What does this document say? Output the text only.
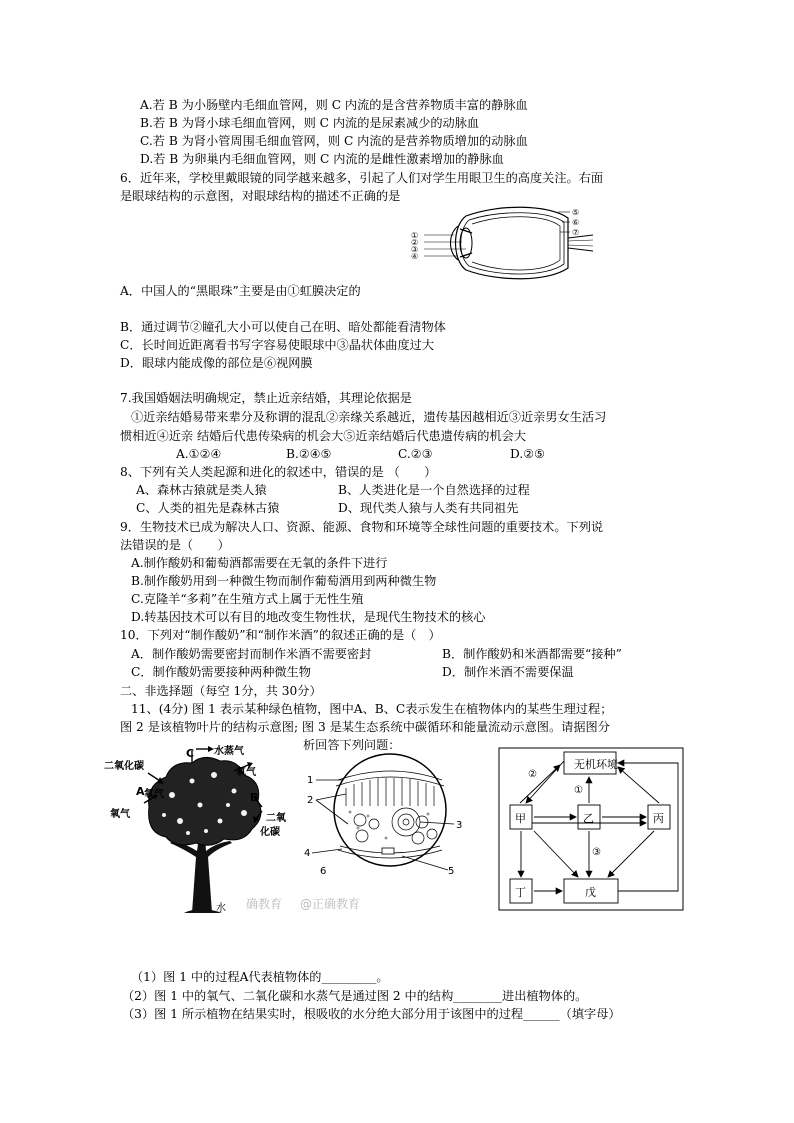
A.若 B 为小肠壁内毛细血管网，则 C 内流的是含营养物质丰富的静脉血
B.若 B 为肾小球毛细血管网，则 C 内流的是尿素减少的动脉血
C.若 B 为肾小管周围毛细血管网，则 C 内流的是营养物质增加的动脉血
D.若 B 为卵巢内毛细血管网，则 C 内流的是雌性激素增加的静脉血
6．近年来，学校里戴眼镜的同学越来越多，引起了人们对学生用眼卫生的高度关注。右面
是眼球结构的示意图，对眼球结构的描述不正确的是
①
②
③
④
⑤
⑥
⑦
A．中国人的“黑眼珠”主要是由①虹膜决定的
B．通过调节②瞳孔大小可以使自己在明、暗处都能看清物体
C．长时间近距离看书写字容易使眼球中③晶状体曲度过大
D．眼球内能成像的部位是⑥视网膜
7.我国婚姻法明确规定，禁止近亲结婚，其理论依据是
①近亲结婚易带来辈分及称谓的混乱②亲缘关系越近，遗传基因越相近③近亲男女生活习
惯相近④近亲 结婚后代患传染病的机会大⑤近亲结婚后代患遗传病的机会大
A.①②④	B.②④⑤	C.②③	D.②⑤
8、下列有关人类起源和进化的叙述中，错误的是 （　　）
A、森林古猿就是类人猿	B、人类进化是一个自然选择的过程
C、人类的祖先是森林古猿	D、现代类人猿与人类有共同祖先
9．生物技术已成为解决人口、资源、能源、食物和环境等全球性问题的重要技术。下列说
法错误的是（　　）
A.制作酸奶和葡萄酒都需要在无氧的条件下进行
B.制作酸奶用到一种微生物而制作葡萄酒用到两种微生物
C.克隆羊“多莉”在生殖方式上属于无性生殖
D.转基因技术可以有目的地改变生物性状，是现代生物技术的核心
10．下列对“制作酸奶”和“制作米酒”的叙述正确的是（　）
A．制作酸奶需要密封而制作米酒不需要密封	B．制作酸奶和米酒都需要“接种”
C．制作酸奶需要接种两种微生物	D．制作米酒不需要保温
二、非选择题（每空 1分，共 30分）
11、(4分) 图 1 表示某种绿色植物，图中A、B、C表示发生在植物体内的某些生理过程；
图 2 是该植物叶片的结构示意图; 图 3 是某生态系统中碳循环和能量流动示意图。请据图分
析回答下列问题：
C 水蒸气
二氧化碳
氧气
氧气
A
氧气
B
二氧
化碳
水
1
2
3
4
5
6
无机环境
甲	乙	丙
丁	戊
①
②
③
确教育 @正确教育
（1）图 1 中的过程A代表植物体的_________。
（2）图 1 中的氧气、二氧化碳和水蒸气是通过图 2 中的结构________进出植物体的。
（3）图 1 所示植物在结果实时，根吸收的水分绝大部分用于该图中的过程______（填字母）
